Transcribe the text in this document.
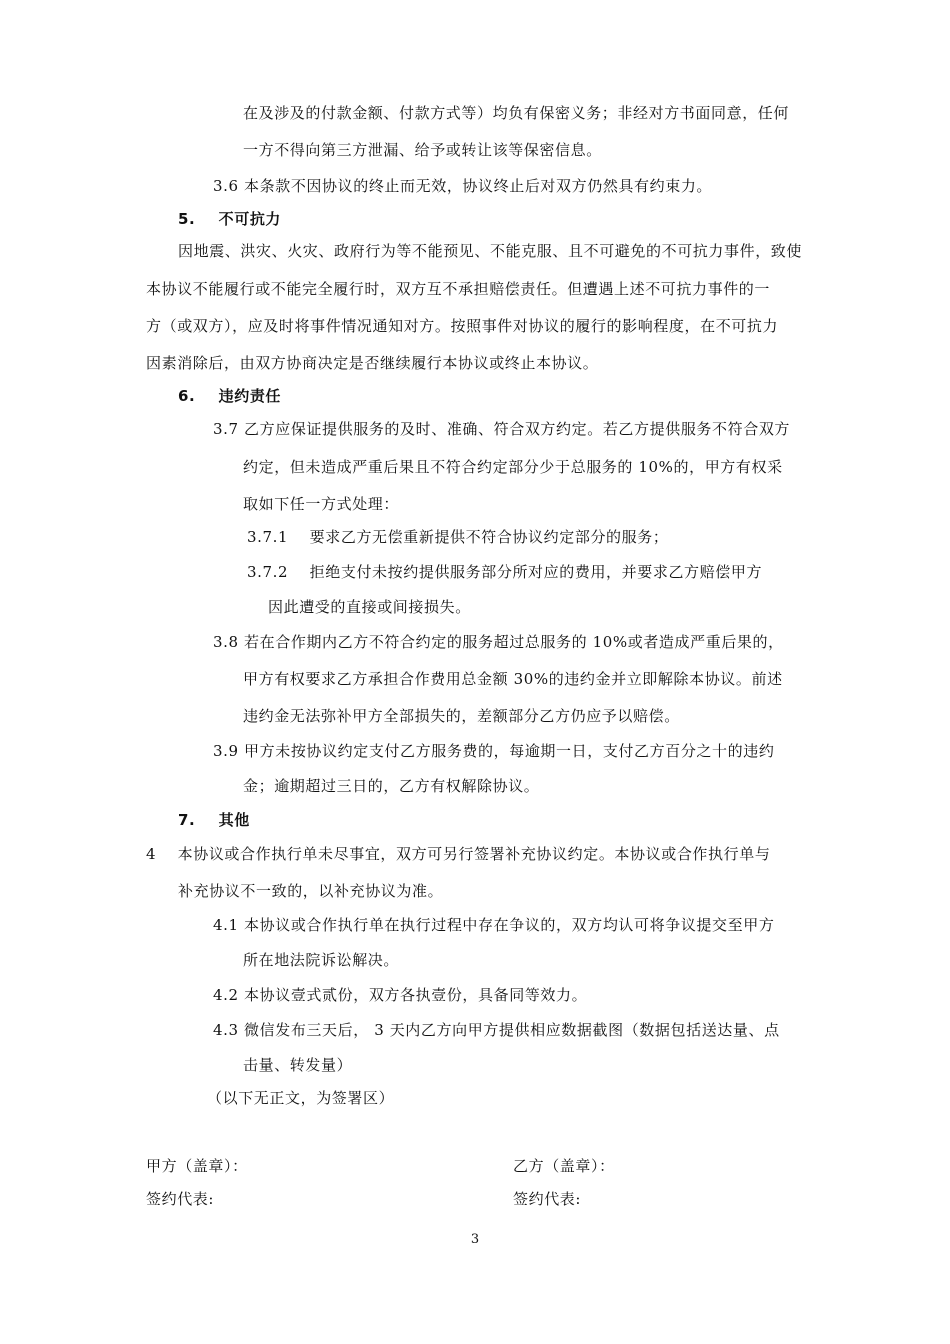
在及涉及的付款金额、付款方式等）均负有保密义务；非经对方书面同意，任何
一方不得向第三方泄漏、给予或转让该等保密信息。
3.6 本条款不因协议的终止而无效，协议终止后对双方仍然具有约束力。
5.    不可抗力
因地震、洪灾、火灾、政府行为等不能预见、不能克服、且不可避免的不可抗力事件，致使
本协议不能履行或不能完全履行时，双方互不承担赔偿责任。但遭遇上述不可抗力事件的一
方（或双方），应及时将事件情况通知对方。按照事件对协议的履行的影响程度，在不可抗力
因素消除后，由双方协商决定是否继续履行本协议或终止本协议。
6.    违约责任
3.7 乙方应保证提供服务的及时、准确、符合双方约定。若乙方提供服务不符合双方
约定，但未造成严重后果且不符合约定部分少于总服务的 10%的，甲方有权采
取如下任一方式处理：
3.7.1    要求乙方无偿重新提供不符合协议约定部分的服务；
3.7.2    拒绝支付未按约提供服务部分所对应的费用，并要求乙方赔偿甲方
因此遭受的直接或间接损失。
3.8 若在合作期内乙方不符合约定的服务超过总服务的 10%或者造成严重后果的，
甲方有权要求乙方承担合作费用总金额 30%的违约金并立即解除本协议。前述
违约金无法弥补甲方全部损失的，差额部分乙方仍应予以赔偿。
3.9 甲方未按协议约定支付乙方服务费的，每逾期一日，支付乙方百分之十的违约
金；逾期超过三日的，乙方有权解除协议。
7.    其他
4    本协议或合作执行单未尽事宜，双方可另行签署补充协议约定。本协议或合作执行单与
补充协议不一致的，以补充协议为准。
4.1 本协议或合作执行单在执行过程中存在争议的，双方均认可将争议提交至甲方
所在地法院诉讼解决。
4.2 本协议壹式贰份，双方各执壹份，具备同等效力。
4.3 微信发布三天后， 3 天内乙方向甲方提供相应数据截图（数据包括送达量、点
击量、转发量）
（以下无正文，为签署区）
甲方（盖章）：
签约代表:
乙方（盖章）：
签约代表:
3
